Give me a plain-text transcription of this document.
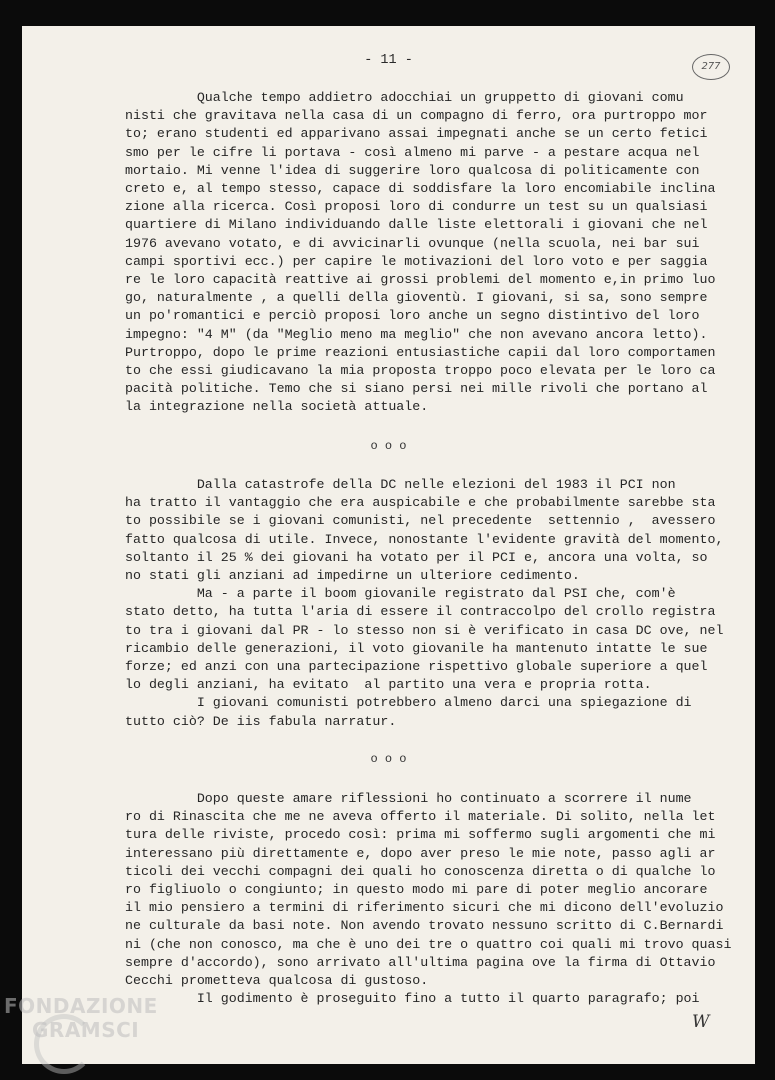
- 11 -	277

Qualche tempo addietro adocchiai un gruppetto di giovani comu

nisti che gravitava nella casa di un compagno di ferro, ora purtroppo mor

to; erano studenti ed apparivano assai impegnati anche se un certo fetici

smo per le cifre li portava - così almeno mi parve - a pestare acqua nel

mortaio. Mi venne l'idea di suggerire loro qualcosa di politicamente con

creto e, al tempo stesso, capace di soddisfare la loro encomiabile inclina

zione alla ricerca. Così proposi loro di condurre un test su un qualsiasi

quartiere di Milano individuando dalle liste elettorali i giovani che nel

1976 avevano votato, e di avvicinarli ovunque (nella scuola, nei bar sui

campi sportivi ecc.) per capire le motivazioni del loro voto e per saggia

re le loro capacità reattive ai grossi problemi del momento e,in primo luo

go, naturalmente , a quelli della gioventù. I giovani, si sa, sono sempre

un po'romantici e perciò proposi loro anche un segno distintivo del loro

impegno: "4 M" (da "Meglio meno ma meglio" che non avevano ancora letto).

Purtroppo, dopo le prime reazioni entusiastiche capii dal loro comportamen

to che essi giudicavano la mia proposta troppo poco elevata per le loro ca

pacità politiche. Temo che si siano persi nei mille rivoli che portano al

la integrazione nella società attuale.

o o o

Dalla catastrofe della DC nelle elezioni del 1983 il PCI non

ha tratto il vantaggio che era auspicabile e che probabilmente sarebbe sta

to possibile se i giovani comunisti, nel precedente  settennio ,  avessero

fatto qualcosa di utile. Invece, nonostante l'evidente gravità del momento,

soltanto il 25 % dei giovani ha votato per il PCI e, ancora una volta, so

no stati gli anziani ad impedirne un ulteriore cedimento.

Ma - a parte il boom giovanile registrato dal PSI che, com'è

stato detto, ha tutta l'aria di essere il contraccolpo del crollo registra

to tra i giovani dal PR - lo stesso non si è verificato in casa DC ove, nel

ricambio delle generazioni, il voto giovanile ha mantenuto intatte le sue

forze; ed anzi con una partecipazione rispettivo globale superiore a quel

lo degli anziani, ha evitato  al partito una vera e propria rotta.

I giovani comunisti potrebbero almeno darci una spiegazione di

tutto ciò? De iis fabula narratur.

o o o

Dopo queste amare riflessioni ho continuato a scorrere il nume

ro di Rinascita che me ne aveva offerto il materiale. Di solito, nella let

tura delle riviste, procedo così: prima mi soffermo sugli argomenti che mi

interessano più direttamente e, dopo aver preso le mie note, passo agli ar

ticoli dei vecchi compagni dei quali ho conoscenza diretta o di qualche lo

ro figliuolo o congiunto; in questo modo mi pare di poter meglio ancorare

il mio pensiero a termini di riferimento sicuri che mi dicono dell'evoluzio

ne culturale da basi note. Non avendo trovato nessuno scritto di C.Bernardi

ni (che non conosco, ma che è uno dei tre o quattro coi quali mi trovo quasi

sempre d'accordo), sono arrivato all'ultima pagina ove la firma di Ottavio

Cecchi prometteva qualcosa di gustoso.

Il godimento è proseguito fino a tutto il quarto paragrafo; poi

W
FONDAZIONE
GRAMSCI
